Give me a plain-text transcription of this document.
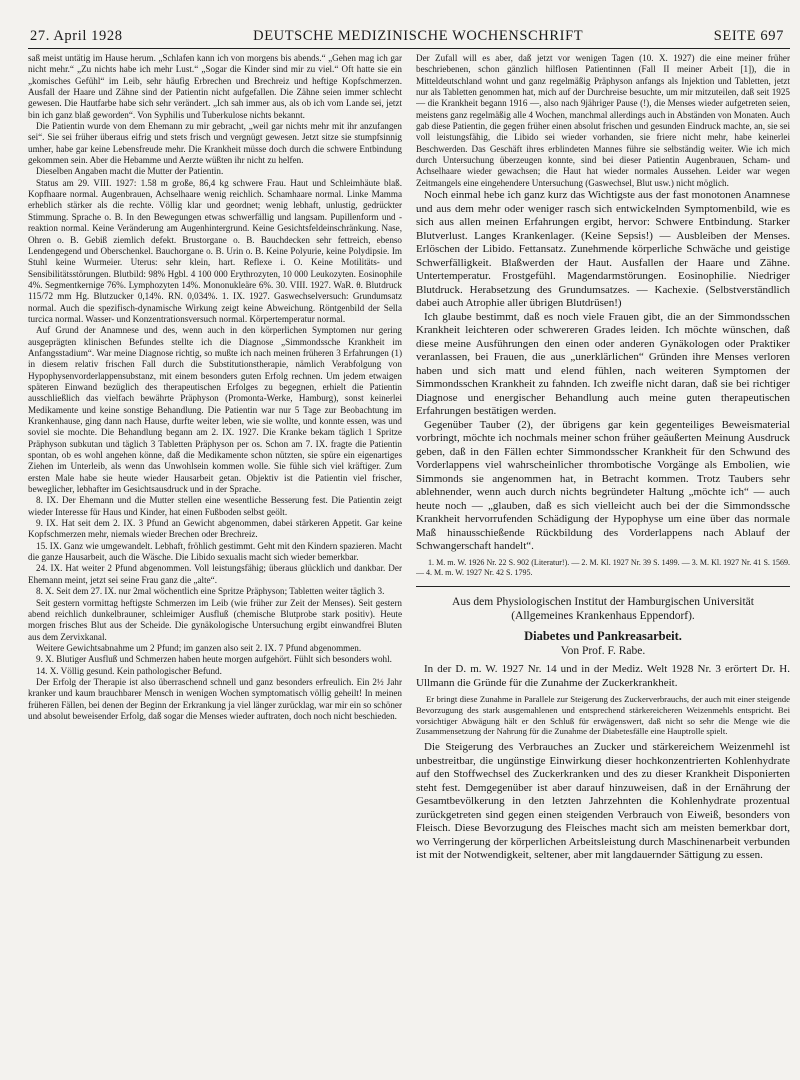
27. April 1928	DEUTSCHE MEDIZINISCHE WOCHENSCHRIFT	SEITE 697

saß meist untätig im Hause herum. „Schlafen kann ich von morgens bis abends.“ „Gehen mag ich gar nicht mehr.“ „Zu nichts habe ich mehr Lust.“ „Sogar die Kinder sind mir zu viel.“ Oft hatte sie ein „komisches Gefühl“ im Leib, sehr häufig Erbrechen und Brechreiz und heftige Kopfschmerzen. Ausfall der Haare und Zähne sind der Patientin nicht aufgefallen. Die Zähne seien immer schlecht gewesen. Die Hautfarbe habe sich sehr verändert. „Ich sah immer aus, als ob ich vom Lande sei, jetzt bin ich ganz blaß geworden“. Von Syphilis und Tuberkulose nichts bekannt.

Die Patientin wurde von dem Ehemann zu mir gebracht, „weil gar nichts mehr mit ihr anzufangen sei“. Sie sei früher überaus eifrig und stets frisch und vergnügt gewesen. Jetzt sitze sie stumpfsinnig umher, habe gar keine Lebensfreude mehr. Die Krankheit müsse doch durch die schwere Entbindung gekommen sein. Aber die Hebamme und Aerzte wüßten ihr nicht zu helfen.

Dieselben Angaben macht die Mutter der Patientin.

Status am 29. VIII. 1927: 1.58 m große, 86,4 kg schwere Frau. Haut und Schleimhäute blaß. Kopfhaare normal. Augenbrauen, Achselhaare wenig reichlich. Schamhaare normal. Linke Mamma erheblich stärker als die rechte. Völlig klar und geordnet; wenig lebhaft, unlustig, gedrückter Stimmung. Sprache o. B. In den Bewegungen etwas schwerfällig und langsam. Pupillenform und -reaktion normal. Keine Veränderung am Augenhintergrund. Keine Gesichtsfeldeinschränkung. Nase, Ohren o. B. Gebiß ziemlich defekt. Brustorgane o. B. Bauchdecken sehr fettreich, ebenso Lendengegend und Oberschenkel. Bauchorgane o. B. Urin o. B. Keine Polyurie, keine Polydipsie. Im Stuhl keine Wurmeier. Uterus: sehr klein, hart. Reflexe i. O. Keine Motilitäts- und Sensibilitätsstörungen. Blutbild: 98% Hgbl. 4 100 000 Erythrozyten, 10 000 Leukozyten. Eosinophile 4%. Segmentkernige 76%. Lymphozyten 14%. Mononukleäre 6%. 30. VIII. 1927. WaR. θ. Blutdruck 115/72 mm Hg. Blutzucker 0,14%. RN. 0,034%. 1. IX. 1927. Gaswechselversuch: Grundumsatz normal. Auch die spezifisch-dynamische Wirkung zeigt keine Abweichung. Röntgenbild der Sella turcica normal. Wasser- und Konzentrationsversuch normal. Körpertemperatur normal.

Auf Grund der Anamnese und des, wenn auch in den körperlichen Symptomen nur gering ausgeprägten klinischen Befundes stellte ich die Diagnose „Simmondssche Krankheit im Anfangsstadium“. War meine Diagnose richtig, so mußte ich nach meinen früheren 3 Erfahrungen (1) in diesem relativ frischen Fall durch die Substitutionstherapie, nämlich Verabfolgung von Hypophysenvorderlappensubstanz, mit einem besonders guten Erfolg rechnen. Um jedem etwaigen späteren Einwand bezüglich des therapeutischen Erfolges zu begegnen, erhielt die Patientin ausschließlich das vielfach bewährte Präphyson (Promonta-Werke, Hamburg), sonst keinerlei Medikamente und keine sonstige Behandlung. Die Patientin war nur 5 Tage zur Beobachtung im Krankenhause, ging dann nach Hause, durfte weiter leben, wie sie wollte, und konnte essen, was und soviel sie mochte. Die Behandlung begann am 2. IX. 1927. Die Kranke bekam täglich 1 Spritze Präphyson subkutan und täglich 3 Tabletten Präphyson per os. Schon am 7. IX. fragte die Patientin spontan, ob es wohl angehen könne, daß die Medikamente schon nützten, sie spüre ein eigenartiges Ziehen im Unterleib, als wenn das Unwohlsein kommen wolle. Sie fühle sich viel kräftiger. Zum ersten Male habe sie heute wieder Hausarbeit getan. Objektiv ist die Patientin viel frischer, beweglicher, lebhafter im Gesichtsausdruck und in der Sprache.

8. IX. Der Ehemann und die Mutter stellen eine wesentliche Besserung fest. Die Patientin zeigt wieder Interesse für Haus und Kinder, hat einen Fußboden selbst geölt.

9. IX. Hat seit dem 2. IX. 3 Pfund an Gewicht abgenommen, dabei stärkeren Appetit. Gar keine Kopfschmerzen mehr, niemals wieder Brechen oder Brechreiz.

15. IX. Ganz wie umgewandelt. Lebhaft, fröhlich gestimmt. Geht mit den Kindern spazieren. Macht die ganze Hausarbeit, auch die Wäsche. Die Libido sexualis macht sich wieder bemerkbar.

24. IX. Hat weiter 2 Pfund abgenommen. Voll leistungsfähig; überaus glücklich und dankbar. Der Ehemann meint, jetzt sei seine Frau ganz die „alte“.

8. X. Seit dem 27. IX. nur 2mal wöchentlich eine Spritze Präphyson; Tabletten weiter täglich 3.

Seit gestern vormittag heftigste Schmerzen im Leib (wie früher zur Zeit der Menses). Seit gestern abend reichlich dunkelbrauner, schleimiger Ausfluß (chemische Blutprobe stark positiv). Heute morgen frisches Blut aus der Scheide. Die gynäkologische Untersuchung ergibt einwandfrei Bluten aus dem Zervixkanal.

Weitere Gewichtsabnahme um 2 Pfund; im ganzen also seit 2. IX. 7 Pfund abgenommen.

9. X. Blutiger Ausfluß und Schmerzen haben heute morgen aufgehört. Fühlt sich besonders wohl.

14. X. Völlig gesund. Kein pathologischer Befund.

Der Erfolg der Therapie ist also überraschend schnell und ganz besonders erfreulich. Ein 2½ Jahr kranker und kaum brauchbarer Mensch in wenigen Wochen symptomatisch völlig geheilt! In meinen früheren Fällen, bei denen der Beginn der Erkrankung ja viel länger zurücklag, war mir ein so schöner und absolut beweisender Erfolg, daß sogar die Menses wieder auftraten, doch noch nicht beschieden.

Der Zufall will es aber, daß jetzt vor wenigen Tagen (10. X. 1927) die eine meiner früher beschriebenen, schon gänzlich hilflosen Patientinnen (Fall II meiner Arbeit [1]), die in Mitteldeutschland wohnt und ganz regelmäßig Präphyson anfangs als Injektion und Tabletten, jetzt nur als Tabletten genommen hat, mich auf der Durchreise besuchte, um mir mitzuteilen, daß seit 1925 — die Krankheit begann 1916 —, also nach 9jähriger Pause (!), die Menses wieder aufgetreten seien, meistens ganz regelmäßig alle 4 Wochen, manchmal allerdings auch in Abständen von Monaten. Auch gab diese Patientin, die gegen früher einen absolut frischen und gesunden Eindruck machte, an, sie sei voll leistungsfähig, die Libido sei wieder vorhanden, sie friere nicht mehr, habe keinerlei Beschwerden. Das Geschäft ihres erblindeten Mannes führe sie selbständig weiter. Wie ich mich durch Untersuchung überzeugen konnte, sind bei dieser Patientin Augenbrauen, Scham- und Achselhaare wieder gewachsen; die Haut hat wieder normales Aussehen. Leider war wegen Zeitmangels eine eingehendere Untersuchung (Gaswechsel, Blut usw.) nicht möglich.

Noch einmal hebe ich ganz kurz das Wichtigste aus der fast monotonen Anamnese und aus dem mehr oder weniger rasch sich entwickelnden Symptomenbild, wie es sich aus allen meinen Erfahrungen ergibt, hervor: Schwere Entbindung. Starker Blutverlust. Langes Krankenlager. (Keine Sepsis!) — Ausbleiben der Menses. Erlöschen der Libido. Fettansatz. Zunehmende körperliche Schwäche und geistige Schwerfälligkeit. Blaßwerden der Haut. Ausfallen der Haare und Zähne. Untertemperatur. Frostgefühl. Magendarmstörungen. Eosinophilie. Niedriger Blutdruck. Herabsetzung des Grundumsatzes. — Kachexie. (Selbstverständlich dabei auch Atrophie aller übrigen Blutdrüsen!)

Ich glaube bestimmt, daß es noch viele Frauen gibt, die an der Simmondsschen Krankheit leichteren oder schwereren Grades leiden. Ich möchte wünschen, daß diese meine Ausführungen den einen oder anderen Gynäkologen oder Praktiker veranlassen, bei Frauen, die aus „unerklärlichen“ Gründen ihre Menses verloren haben und sich matt und elend fühlen, nach weiteren Symptomen der Simmondsschen Krankheit zu fahnden. Ich zweifle nicht daran, daß sie bei richtiger Diagnose und energischer Behandlung auch meine guten therapeutischen Erfahrungen bestätigen werden.

Gegenüber Tauber (2), der übrigens gar kein gegenteiliges Beweismaterial vorbringt, möchte ich nochmals meiner schon früher geäußerten Meinung Ausdruck geben, daß in den Fällen echter Simmondsscher Krankheit für den Schwund des Vorderlappens viel wahrscheinlicher thrombotische Vorgänge als Embolien, wie Simmonds sie angenommen hat, in Betracht kommen. Trotz Taubers sehr ablehnender, wenn auch durch nichts begründeter Haltung „möchte ich“ — auch heute noch — „glauben, daß es sich vielleicht auch bei der die Simmondssche Krankheit hervorrufenden Schädigung der Hypophyse um eine über das normale Maß hinausschießende Rückbildung des Vorderlappens nach Ablauf der Schwangerschaft handelt“.

1. M. m. W. 1926 Nr. 22 S. 902 (Literatur!). — 2. M. Kl. 1927 Nr. 39 S. 1499. — 3. M. Kl. 1927 Nr. 41 S. 1569. — 4. M. m. W. 1927 Nr. 42 S. 1795.

Aus dem Physiologischen Institut der Hamburgischen Universität
(Allgemeines Krankenhaus Eppendorf).
Diabetes und Pankreasarbeit.
Von Prof. F. Rabe.

In der D. m. W. 1927 Nr. 14 und in der Mediz. Welt 1928 Nr. 3 erörtert Dr. H. Ullmann die Gründe für die Zunahme der Zuckerkrankheit.

Er bringt diese Zunahme in Parallele zur Steigerung des Zuckerverbrauchs, der auch mit einer steigende Bevorzugung des stark ausgemahlenen und entsprechend stärkereicheren Weizenmehls entspricht. Bei vorsichtiger Abwägung hält er den Schluß für erwägenswert, daß nicht so sehr die Menge wie die Zusammensetzung der Nahrung für die Zunahme der Diabetesfälle eine Hauptrolle spielt.

Die Steigerung des Verbrauches an Zucker und stärkereichem Weizenmehl ist unbestreitbar, die ungünstige Einwirkung dieser hochkonzentrierten Kohlenhydrate auf den Stoffwechsel des Zuckerkranken und des zu dieser Krankheit Disponierten steht fest. Demgegenüber ist aber darauf hinzuweisen, daß in der Ernährung der Gesamtbevölkerung in den letzten Jahrzehnten die Kohlenhydrate prozentual zurückgetreten sind gegen einen steigenden Verbrauch von Eiweiß, besonders von Fleisch. Diese Bevorzugung des Fleisches macht sich am meisten bemerkbar dort, wo Verringerung der körperlichen Arbeitsleistung durch Maschinenarbeit verbunden ist mit der Notwendigkeit, seltener, aber mit langdauernder Sättigung zu essen.
